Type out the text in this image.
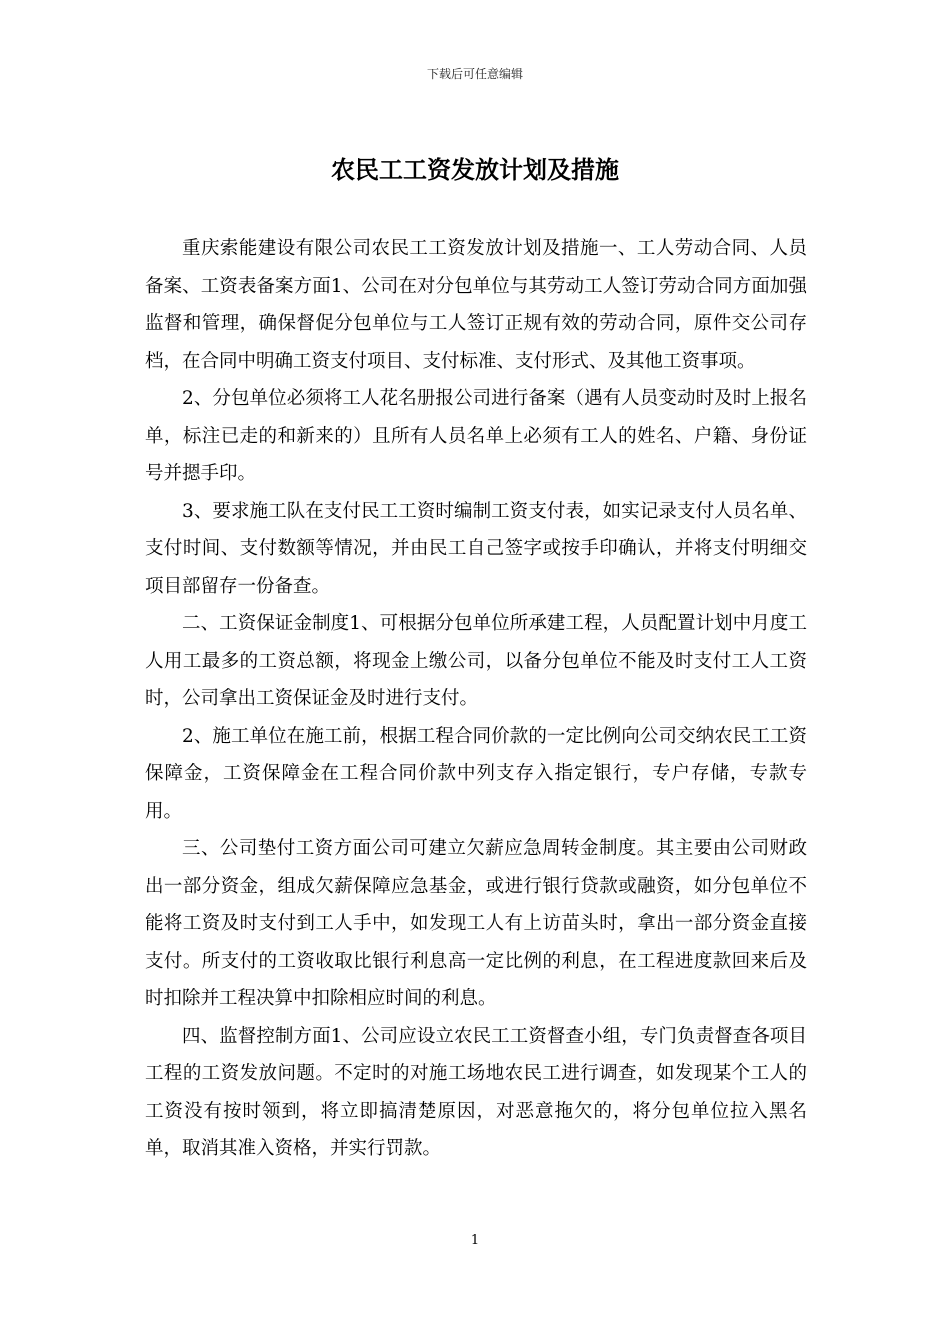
下载后可任意编辑
农民工工资发放计划及措施

重庆索能建设有限公司农民工工资发放计划及措施一、工人劳动合同、人员备案、工资表备案方面1、公司在对分包单位与其劳动工人签订劳动合同方面加强监督和管理，确保督促分包单位与工人签订正规有效的劳动合同，原件交公司存档，在合同中明确工资支付项目、支付标准、支付形式、及其他工资事项。

2、分包单位必须将工人花名册报公司进行备案（遇有人员变动时及时上报名单，标注已走的和新来的）且所有人员名单上必须有工人的姓名、户籍、身份证号并摁手印。

3、要求施工队在支付民工工资时编制工资支付表，如实记录支付人员名单、支付时间、支付数额等情况，并由民工自己签字或按手印确认，并将支付明细交项目部留存一份备查。

二、工资保证金制度1、可根据分包单位所承建工程，人员配置计划中月度工人用工最多的工资总额，将现金上缴公司，以备分包单位不能及时支付工人工资时，公司拿出工资保证金及时进行支付。

2、施工单位在施工前，根据工程合同价款的一定比例向公司交纳农民工工资保障金，工资保障金在工程合同价款中列支存入指定银行，专户存储，专款专用。

三、公司垫付工资方面公司可建立欠薪应急周转金制度。其主要由公司财政出一部分资金，组成欠薪保障应急基金，或进行银行贷款或融资，如分包单位不能将工资及时支付到工人手中，如发现工人有上访苗头时，拿出一部分资金直接支付。所支付的工资收取比银行利息高一定比例的利息，在工程进度款回来后及时扣除并工程决算中扣除相应时间的利息。

四、监督控制方面1、公司应设立农民工工资督查小组，专门负责督查各项目工程的工资发放问题。不定时的对施工场地农民工进行调查，如发现某个工人的工资没有按时领到，将立即搞清楚原因，对恶意拖欠的，将分包单位拉入黑名单，取消其准入资格，并实行罚款。

1
